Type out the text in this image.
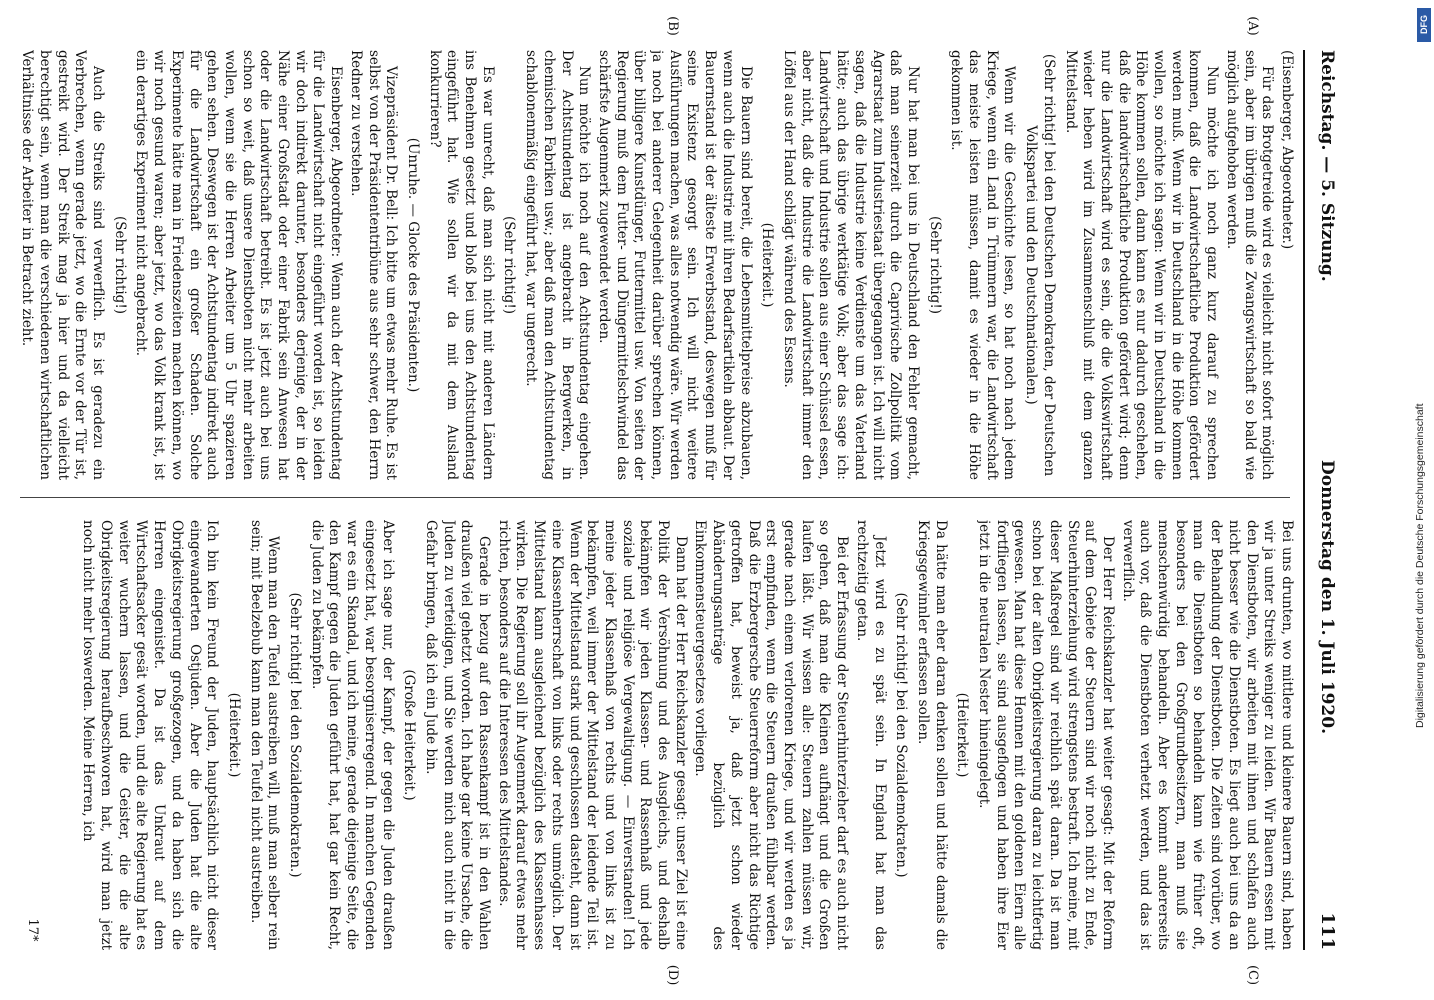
Reichstag. — 5. Sitzung.
Donnerstag den 1. Juli 1920.
111
(A)
(B)
(C)
(D)

(Eisenberger, Abgeordneter.)

Für das Brotgetreide wird es vielleicht nicht sofort möglich sein, aber im übrigen muß die Zwangswirtschaft so bald wie möglich aufgehoben werden.

Nun möchte ich noch ganz kurz darauf zu sprechen kommen, daß die Landwirtschaftliche Produktion gefördert werden muß. Wenn wir in Deutschland in die Höhe kommen wollen, so möchte ich sagen: Wenn wir in Deutschland in die Höhe kommen sollen, dann kann es nur dadurch geschehen, daß die landwirtschaftliche Produktion gefördert wird; denn nur die Landwirtschaft wird es sein, die die Volkswirtschaft wieder heben wird im Zusammenschluß mit dem ganzen Mittelstand.

(Sehr richtig! bei den Deutschen Demokraten, der Deutschen Volkspartei und den Deutschnationalen.)

Wenn wir die Geschichte lesen, so hat noch nach jedem Kriege, wenn ein Land in Trümmern war, die Landwirtschaft das meiste leisten müssen, damit es wieder in die Höhe gekommen ist.

(Sehr richtig!)

Nur hat man bei uns in Deutschland den Fehler gemacht, daß man seinerzeit durch die Caprivische Zollpolitik vom Agrarstaat zum Industriestaat übergegangen ist. Ich will nicht sagen, daß die Industrie keine Verdienste um das Vaterland hätte; auch das übrige werktätige Volk; aber das sage ich: Landwirtschaft und Industrie sollen aus einer Schüssel essen, aber nicht, daß die Industrie die Landwirtschaft immer den Löffel aus der Hand schlägt während des Essens.

(Heiterkeit.)

Die Bauern sind bereit, die Lebensmittelpreise abzubauen, wenn auch die Industrie mit ihren Bedarfsartikeln abbaut. Der Bauernstand ist der älteste Erwerbsstand, deswegen muß für seine Existenz gesorgt sein. Ich will nicht weitere Ausführungen machen, was alles notwendig wäre. Wir werden ja noch bei anderer Gelegenheit darüber sprechen können, über billigere Kunstdünger, Futtermittel usw. Von seiten der Regierung muß dem Futter- und Düngermittelschwindel das schärfste Augenmerk zugewendet werden.

Nun möchte ich noch auf den Achtstundentag eingehen. Der Achtstundentag ist angebracht in Bergwerken, in chemischen Fabriken usw.; aber daß man den Achtstundentag schablonenmäßig eingeführt hat, war ungerecht.

(Sehr richtig!)

Es war unrecht, daß man sich nicht mit anderen Ländern ins Benehmen gesetzt und bloß bei uns den Achtstundentag eingeführt hat. Wie sollen wir da mit dem Ausland konkurrieren?

(Unruhe. — Glocke des Präsidenten.)

Vizepräsident Dr. Bell: Ich bitte um etwas mehr Ruhe. Es ist selbst von der Präsidententribüne aus sehr schwer, den Herrn Redner zu verstehen.

Eisenberger, Abgeordneter: Wenn auch der Achtstundentag für die Landwirtschaft nicht eingeführt worden ist, so leiden wir doch indirekt darunter, besonders derjenige, der in der Nähe einer Großstadt oder einer Fabrik sein Anwesen hat oder die Landwirtschaft betreibt. Es ist jetzt auch bei uns schon so weit, daß unsere Dienstboten nicht mehr arbeiten wollen, wenn sie die Herren Arbeiter um 5 Uhr spazieren gehen sehen. Deswegen ist der Achtstundentag indirekt auch für die Landwirtschaft ein großer Schaden. Solche Experimente hätte man in Friedenszeiten machen können, wo wir noch gesund waren; aber jetzt, wo das Volk krank ist, ist ein derartiges Experiment nicht angebracht.

(Sehr richtig!)

Auch die Streiks sind verwerflich. Es ist geradezu ein Verbrechen, wenn gerade jetzt, wo die Ernte vor der Tür ist, gestreikt wird. Der Streik mag ja hier und da vielleicht berechtigt sein, wenn man die verschiedenen wirtschaftlichen Verhältnisse der Arbeiter in Betracht zieht.

Bei uns drunten, wo mittlere und kleinere Bauern sind, haben wir ja unter Streiks weniger zu leiden. Wir Bauern essen mit den Dienstboten, wir arbeiten mit ihnen und schlafen auch nicht besser wie die Dienstboten. Es liegt auch bei uns da an der Behandlung der Dienstboten. Die Zeiten sind vorüber, wo man die Dienstboten so behandeln kann wie früher oft, besonders bei den Großgrundbesitzern, man muß sie menschenwürdig behandeln. Aber es kommt andererseits auch vor, daß die Dienstboten verhetzt werden, und das ist verwerflich.

Der Herr Reichskanzler hat weiter gesagt: Mit der Reform auf dem Gebiete der Steuern sind wir noch nicht zu Ende, Steuerhinterziehung wird strengstens bestraft. Ich meine, mit dieser Maßregel sind wir reichlich spät daran. Da ist man schon bei der alten Obrigkeitsregierung daran zu leichtfertig gewesen. Man hat diese Hennen mit den goldenen Eiern alle fortfliegen lassen, sie sind ausgeflogen und haben ihre Eier jetzt in die neutralen Nester hineingelegt.

(Heiterkeit.)

Da hätte man eher daran denken sollen und hätte damals die Kriegsgewinnler erfassen sollen.

(Sehr richtig! bei den Sozialdemokraten.)

Jetzt wird es zu spät sein. In England hat man das rechtzeitig getan.

Bei der Erfassung der Steuerhinterzieher darf es auch nicht so gehen, daß man die Kleinen aufhängt und die Großen laufen läßt. Wir wissen alle: Steuern zahlen müssen wir, gerade nach einem verlorenen Kriege, und wir werden es ja erst empfinden, wenn die Steuern draußen fühlbar werden. Daß die Erzbergersche Steuerreform aber nicht das Richtige getroffen hat, beweist ja, daß jetzt schon wieder Abänderungsanträge bezüglich des Einkommensteuergesetzes vorliegen.

Dann hat der Herr Reichskanzler gesagt: unser Ziel ist eine Politik der Versöhnung und des Ausgleichs, und deshalb bekämpfen wir jeden Klassen- und Rassenhaß und jede soziale und religiöse Vergewaltigung. — Einverstanden! Ich meine jeder Klassenhaß von rechts und von links ist zu bekämpfen, weil immer der Mittelstand der leidende Teil ist. Wenn der Mittelstand stark und geschlossen dasteht, dann ist eine Klassenherrschaft von links oder rechts unmöglich. Der Mittelstand kann ausgleichend bezüglich des Klassenhasses wirken. Die Regierung soll ihr Augenmerk darauf etwas mehr richten, besonders auf die Interessen des Mittelstandes.

Gerade in bezug auf den Rassenkampf ist in den Wahlen draußen viel gehetzt worden. Ich habe gar keine Ursache, die Juden zu verteidigen, und Sie werden mich auch nicht in die Gefahr bringen, daß ich ein Jude bin.

(Große Heiterkeit.)

Aber ich sage nur, der Kampf, der gegen die Juden draußen eingesetzt hat, war besorgniserregend. In manchen Gegenden war es ein Skandal, und ich meine, gerade diejenige Seite, die den Kampf gegen die Juden geführt hat, hat gar kein Recht, die Juden zu bekämpfen.

(Sehr richtig! bei den Sozialdemokraten.)

Wenn man den Teufel austreiben will, muß man selber rein sein; mit Beelzebub kann man den Teufel nicht austreiben.

(Heiterkeit.)

Ich bin kein Freund der Juden, hauptsächlich nicht dieser eingewanderten Ostjuden. Aber die Juden hat die alte Obrigkeitsregierung großgezogen, und da haben sich die Herren eingenistet. Da ist das Unkraut auf dem Wirtschaftsacker gesät worden, und die alte Regierung hat es weiter wuchern lassen, und die Geister, die die alte Obrigkeitsregierung heraufbeschworen hat, wird man jetzt noch nicht mehr loswerden. Meine Herren, ich

17*
DFG
Digitalisierung gefördert durch die Deutsche Forschungsgemeinschaft
